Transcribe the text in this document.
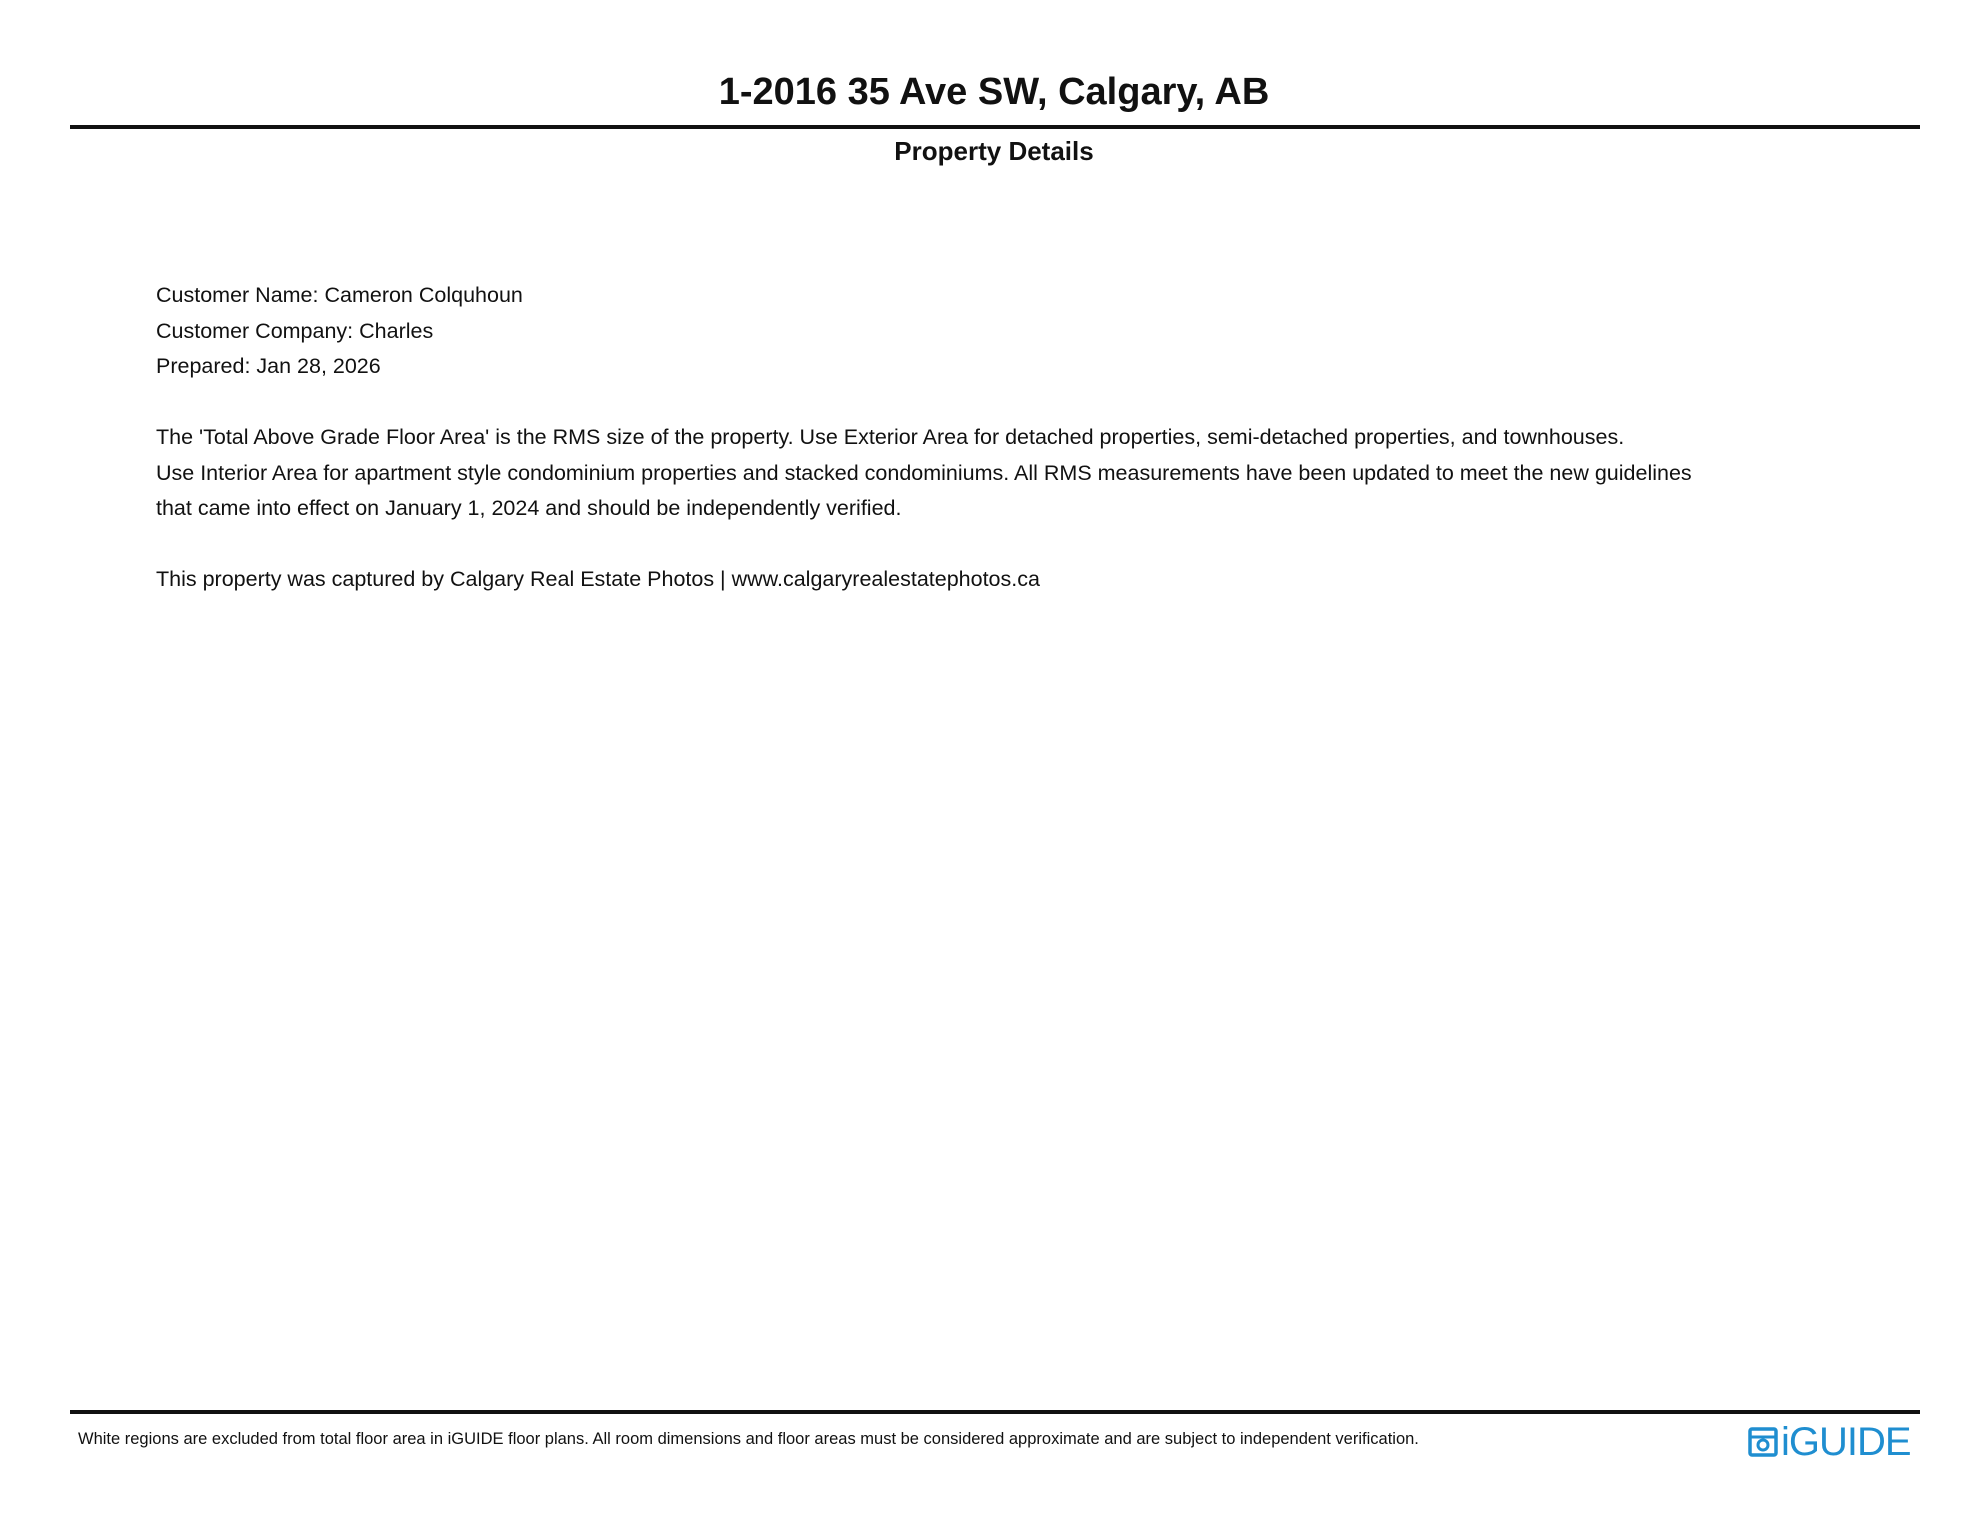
1-2016 35 Ave SW, Calgary, AB
Property Details
Customer Name: Cameron Colquhoun
Customer Company: Charles
Prepared: Jan 28, 2026
The 'Total Above Grade Floor Area' is the RMS size of the property. Use Exterior Area for detached properties, semi-detached properties, and townhouses.
Use Interior Area for apartment style condominium properties and stacked condominiums. All RMS measurements have been updated to meet the new guidelines
that came into effect on January 1, 2024 and should be independently verified.
This property was captured by Calgary Real Estate Photos | www.calgaryrealestatephotos.ca
White regions are excluded from total floor area in iGUIDE floor plans. All room dimensions and floor areas must be considered approximate and are subject to independent verification.	iGUIDE
